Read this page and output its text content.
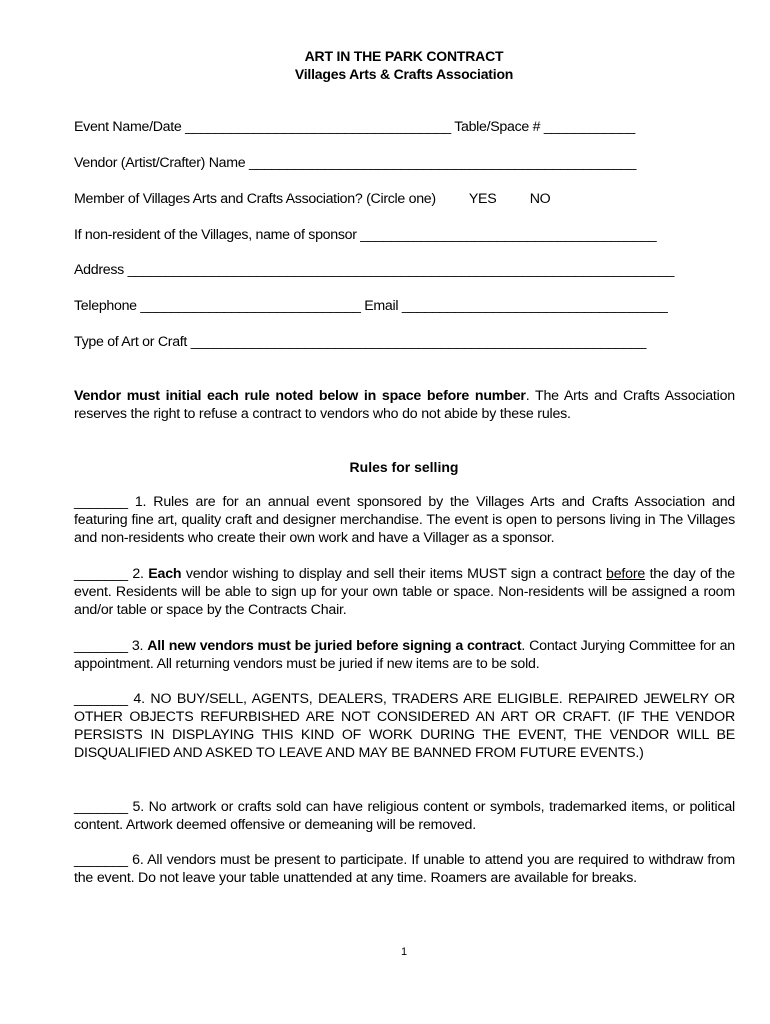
ART IN THE PARK CONTRACT
Villages Arts & Crafts Association
Event Name/Date ___________________________________ Table/Space # ____________
Vendor (Artist/Crafter) Name ___________________________________________________
Member of Villages Arts and Crafts Association? (Circle one) YES NO
If non-resident of the Villages, name of sponsor _______________________________________
Address ________________________________________________________________________
Telephone _____________________________ Email ___________________________________
Type of Art or Craft ____________________________________________________________
Vendor must initial each rule noted below in space before number. The Arts and Crafts Association reserves the right to refuse a contract to vendors who do not abide by these rules.
Rules for selling
_______ 1. Rules are for an annual event sponsored by the Villages Arts and Crafts Association and featuring fine art, quality craft and designer merchandise. The event is open to persons living in The Villages and non-residents who create their own work and have a Villager as a sponsor.
_______ 2. Each vendor wishing to display and sell their items MUST sign a contract before the day of the event. Residents will be able to sign up for your own table or space. Non-residents will be assigned a room and/or table or space by the Contracts Chair.
_______ 3. All new vendors must be juried before signing a contract. Contact Jurying Committee for an appointment. All returning vendors must be juried if new items are to be sold.
_______ 4. NO BUY/SELL, AGENTS, DEALERS, TRADERS ARE ELIGIBLE. REPAIRED JEWELRY OR OTHER OBJECTS REFURBISHED ARE NOT CONSIDERED AN ART OR CRAFT. (IF THE VENDOR PERSISTS IN DISPLAYING THIS KIND OF WORK DURING THE EVENT, THE VENDOR WILL BE DISQUALIFIED AND ASKED TO LEAVE AND MAY BE BANNED FROM FUTURE EVENTS.)
_______ 5. No artwork or crafts sold can have religious content or symbols, trademarked items, or political content. Artwork deemed offensive or demeaning will be removed.
_______ 6. All vendors must be present to participate. If unable to attend you are required to withdraw from the event. Do not leave your table unattended at any time. Roamers are available for breaks.
1
